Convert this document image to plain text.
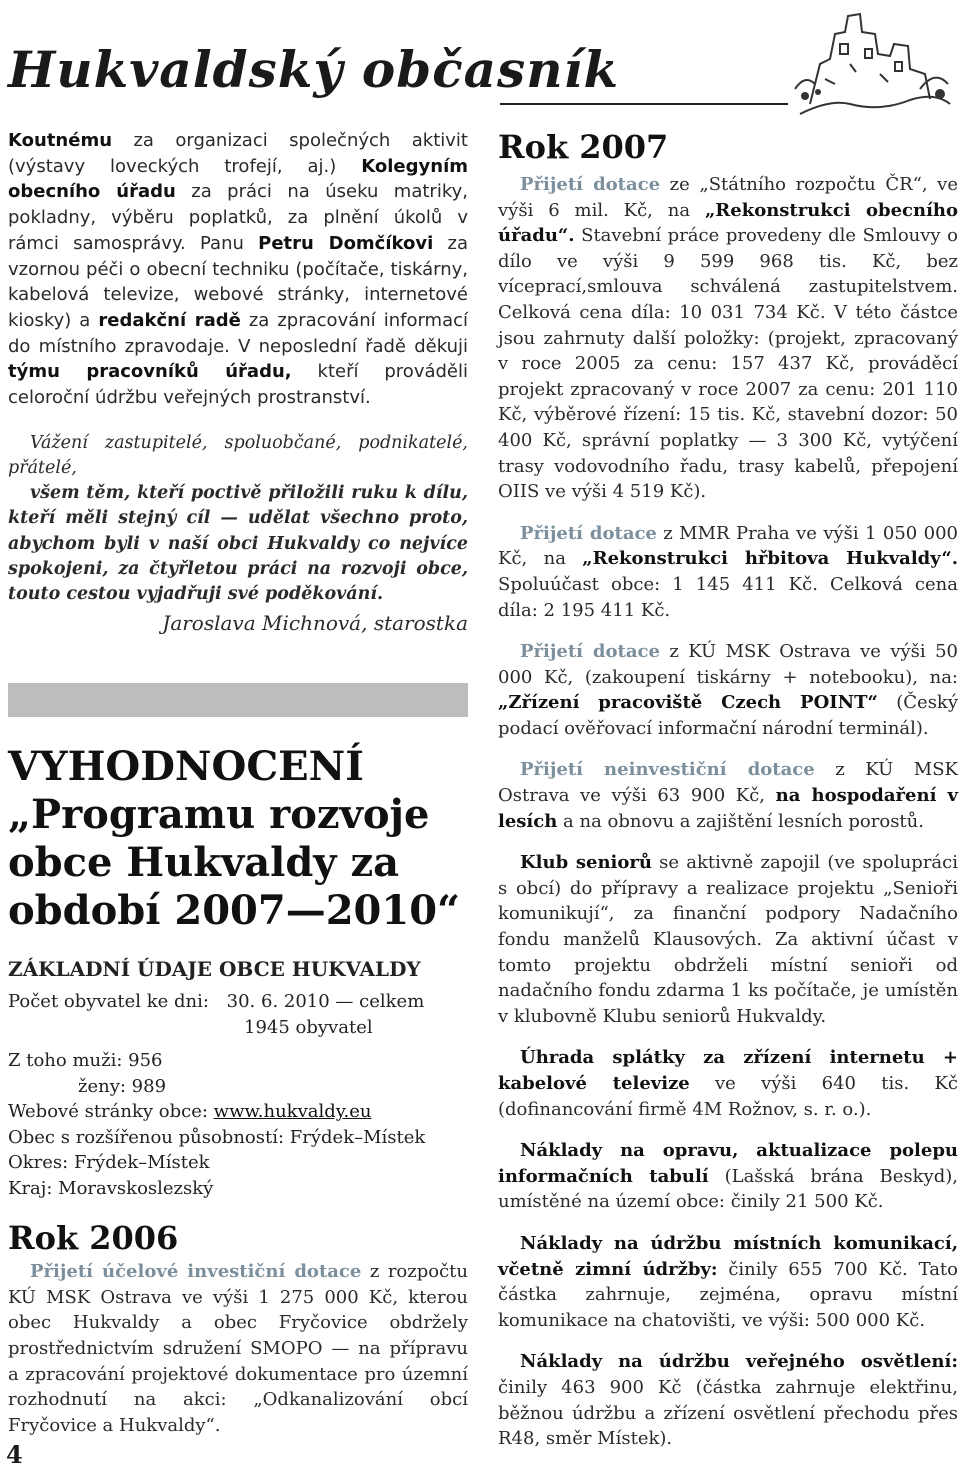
Hukvaldský občasník

Koutnému za organizaci společných aktivit (výstavy loveckých trofejí, aj.) Kolegyním obecního úřadu za práci na úseku matriky, pokladny, výběru poplatků, za plnění úkolů v rámci samosprávy. Panu Petru Domčíkovi za vzornou péči o obecní techniku (počítače, tiskárny, kabelová televize, webové stránky, internetové kiosky) a redakční radě za zpracování informací do místního zpravodaje. V neposlední řadě děkuji týmu pracovníků úřadu, kteří prováděli celoroční údržbu veřejných prostranství.

Vážení zastupitelé, spoluobčané, podnikatelé, přátelé,

všem těm, kteří poctivě přiložili ruku k dílu, kteří měli stejný cíl — udělat všechno proto, abychom byli v naší obci Hukvaldy co nejvíce spokojeni, za čtyřletou práci na rozvoji obce, touto cestou vyjadřuji své poděkování.

Jaroslava Michnová, starostka

VYHODNOCENÍ
„Programu rozvoje obce Hukvaldy za období 2007—2010“
ZÁKLADNÍ ÚDAJE OBCE HUKVALDY
Počet obyvatel ke dni: 30. 6. 2010 — celkem
1945 obyvatel
Z toho muži: 956
ženy: 989
Webové stránky obce: www.hukvaldy.eu
Obec s rozšířenou působností: Frýdek–Místek
Okres: Frýdek–Místek
Kraj: Moravskoslezský
Rok 2006

Přijetí účelové investiční dotace z rozpočtu KÚ MSK Ostrava ve výši 1 275 000 Kč, kterou obec Hukvaldy a obec Fryčovice obdržely prostřednictvím sdružení SMOPO — na přípravu a zpracování projektové dokumentace pro územní rozhodnutí na akci: „Odkanalizování obcí Fryčovice a Hukvaldy“.

Rok 2007

Přijetí dotace ze „Státního rozpočtu ČR“, ve výši 6 mil. Kč, na „Rekonstrukci obecního úřadu“. Stavební práce provedeny dle Smlouvy o dílo ve výši 9 599 968 tis. Kč, bez víceprací,smlouva schválená zastupitelstvem. Celková cena díla: 10 031 734 Kč. V této částce jsou zahrnuty další položky: (projekt, zpracovaný v roce 2005 za cenu: 157 437 Kč, prováděcí projekt zpracovaný v roce 2007 za cenu: 201 110 Kč, výběrové řízení: 15 tis. Kč, stavební dozor: 50 400 Kč, správní poplatky — 3 300 Kč, vytýčení trasy vodovodního řadu, trasy kabelů, přepojení OIIS ve výši 4 519 Kč).

Přijetí dotace z MMR Praha ve výši 1 050 000 Kč, na „Rekonstrukci hřbitova Hukvaldy“. Spoluúčast obce: 1 145 411 Kč. Celková cena díla: 2 195 411 Kč.

Přijetí dotace z KÚ MSK Ostrava ve výši 50 000 Kč, (zakoupení tiskárny + notebooku), na: „Zřízení pracoviště Czech POINT“ (Český podací ověřovací informační národní terminál).

Přijetí neinvestiční dotace z KÚ MSK Ostrava ve výši 63 900 Kč, na hospodaření v lesích a na obnovu a zajištění lesních porostů.

Klub seniorů se aktivně zapojil (ve spolupráci s obcí) do přípravy a realizace projektu „Senioři komunikují“, za finanční podpory Nadačního fondu manželů Klausových. Za aktivní účast v tomto projektu obdrželi místní senioři od nadačního fondu zdarma 1 ks počítače, je umístěn v klubovně Klubu seniorů Hukvaldy.

Úhrada splátky za zřízení internetu + kabelové televize ve výši 640 tis. Kč (dofinancování firmě 4M Rožnov, s. r. o.).

Náklady na opravu, aktualizace polepu informačních tabulí (Lašská brána Beskyd), umístěné na území obce: činily 21 500 Kč.

Náklady na údržbu místních komunikací, včetně zimní údržby: činily 655 700 Kč. Tato částka zahrnuje, zejména, opravu místní komunikace na chatovišti, ve výši: 500 000 Kč.

Náklady na údržbu veřejného osvětlení: činily 463 900 Kč (částka zahrnuje elektřinu, běžnou údržbu a zřízení osvětlení přechodu přes R48, směr Místek).

4
